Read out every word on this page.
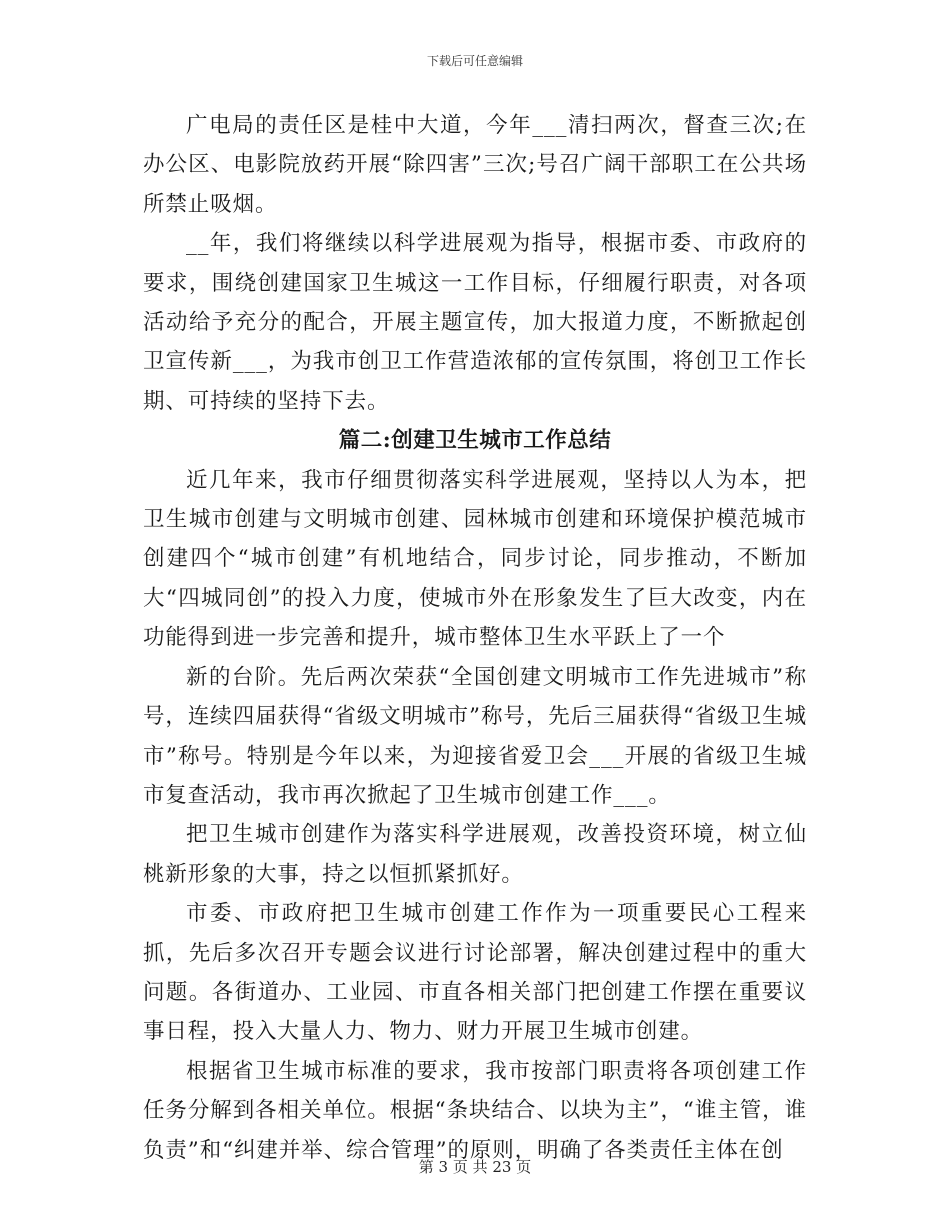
下载后可任意编辑

广电局的责任区是桂中大道，今年___清扫两次，督查三次;在办公区、电影院放药开展“除四害”三次;号召广阔干部职工在公共场所禁止吸烟。

__年，我们将继续以科学进展观为指导，根据市委、市政府的要求，围绕创建国家卫生城这一工作目标，仔细履行职责，对各项活动给予充分的配合，开展主题宣传，加大报道力度，不断掀起创卫宣传新___，为我市创卫工作营造浓郁的宣传氛围，将创卫工作长期、可持续的坚持下去。

篇二:创建卫生城市工作总结

近几年来，我市仔细贯彻落实科学进展观，坚持以人为本，把卫生城市创建与文明城市创建、园林城市创建和环境保护模范城市创建四个“城市创建”有机地结合，同步讨论，同步推动，不断加大“四城同创”的投入力度，使城市外在形象发生了巨大改变，内在功能得到进一步完善和提升，城市整体卫生水平跃上了一个

新的台阶。先后两次荣获“全国创建文明城市工作先进城市”称号，连续四届获得“省级文明城市”称号，先后三届获得“省级卫生城市”称号。特别是今年以来，为迎接省爱卫会___开展的省级卫生城市复查活动，我市再次掀起了卫生城市创建工作___。

把卫生城市创建作为落实科学进展观，改善投资环境，树立仙桃新形象的大事，持之以恒抓紧抓好。

市委、市政府把卫生城市创建工作作为一项重要民心工程来抓，先后多次召开专题会议进行讨论部署，解决创建过程中的重大问题。各街道办、工业园、市直各相关部门把创建工作摆在重要议事日程，投入大量人力、物力、财力开展卫生城市创建。

根据省卫生城市标准的要求，我市按部门职责将各项创建工作任务分解到各相关单位。根据“条块结合、以块为主”，“谁主管，谁负责”和“纠建并举、综合管理”的原则，明确了各类责任主体在创

第 3 页 共 23 页
